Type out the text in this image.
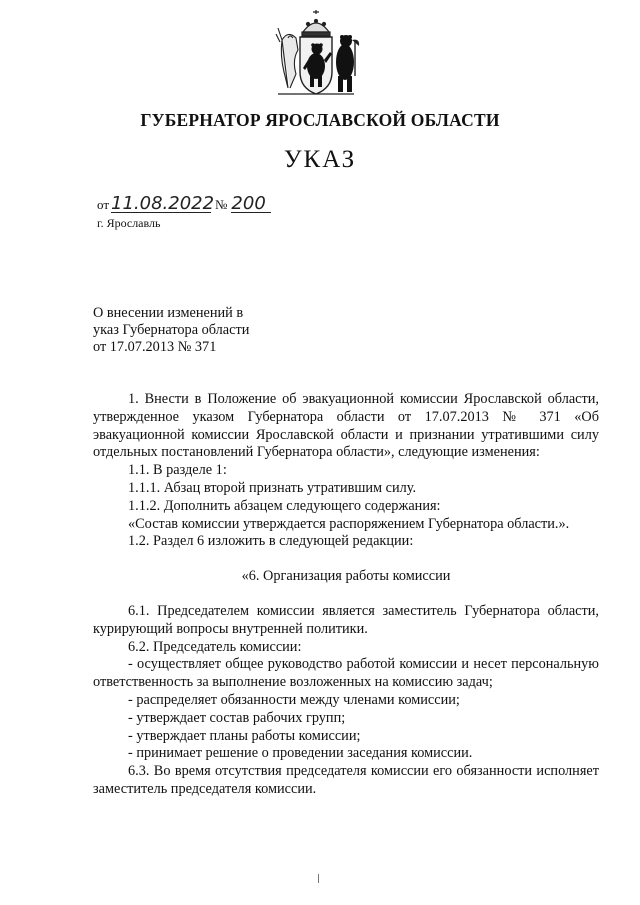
ГУБЕРНАТОР ЯРОСЛАВСКОЙ ОБЛАСТИ
УКАЗ
от 11.08.2022№ 200
г. Ярославль
О внесении изменений в
указ Губернатора области
от 17.07.2013 № 371

1. Внести в Положение об эвакуационной комиссии Ярославской области, утвержденное указом Губернатора области от 17.07.2013 № 371 «Об эвакуационной комиссии Ярославской области и признании утратившими силу отдельных постановлений Губернатора области», следующие изменения:

1.1. В разделе 1:

1.1.1. Абзац второй признать утратившим силу.

1.1.2. Дополнить абзацем следующего содержания:

«Состав комиссии утверждается распоряжением Губернатора области.».

1.2. Раздел 6 изложить в следующей редакции:

«6. Организация работы комиссии

6.1. Председателем комиссии является заместитель Губернатора области, курирующий вопросы внутренней политики.

6.2. Председатель комиссии:

- осуществляет общее руководство работой комиссии и несет персональную ответственность за выполнение возложенных на комиссию задач;

- распределяет обязанности между членами комиссии;

- утверждает состав рабочих групп;

- утверждает планы работы комиссии;

- принимает решение о проведении заседания комиссии.

6.3. Во время отсутствия председателя комиссии его обязанности исполняет заместитель председателя комиссии.
